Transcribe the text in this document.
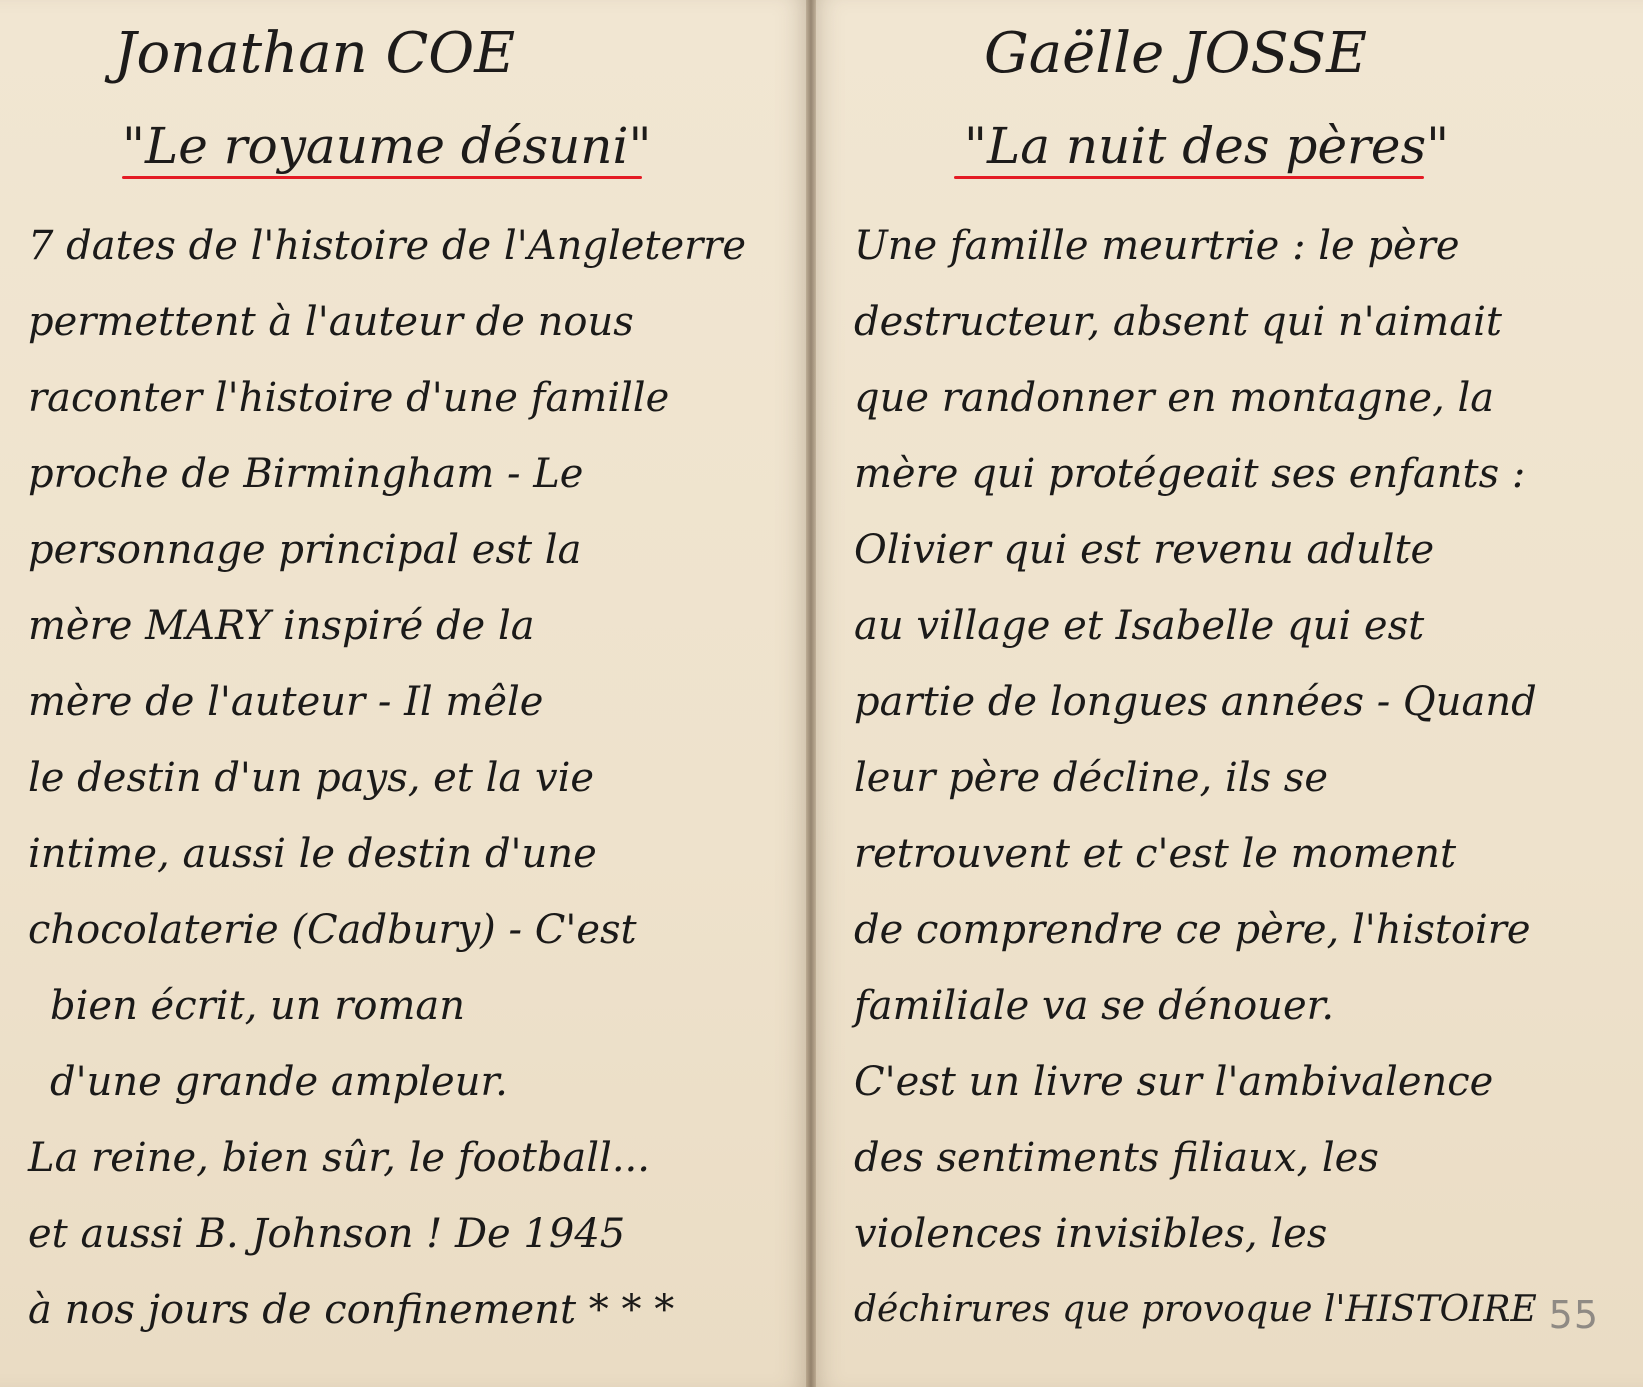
Jonathan COE
"Le royaume désuni"

7 dates de l'histoire de l'Angleterre

permettent à l'auteur de nous

raconter l'histoire d'une famille

proche de Birmingham - Le

personnage principal est la

mère MARY inspiré de la

mère de l'auteur - Il mêle

le destin d'un pays, et la vie

intime, aussi le destin d'une

chocolaterie (Cadbury) - C'est

bien écrit, un roman

d'une grande ampleur.

La reine, bien sûr, le football...

et aussi B. Johnson ! De 1945

à nos jours de confinement * * *

Gaëlle JOSSE
"La nuit des pères"

Une famille meurtrie : le père

destructeur, absent qui n'aimait

que randonner en montagne, la

mère qui protégeait ses enfants :

Olivier qui est revenu adulte

au village et Isabelle qui est

partie de longues années - Quand

leur père décline, ils se

retrouvent et c'est le moment

de comprendre ce père, l'histoire

familiale va se dénouer.

C'est un livre sur l'ambivalence

des sentiments filiaux, les

violences invisibles, les

déchirures que provoque l'HISTOIRE 55
